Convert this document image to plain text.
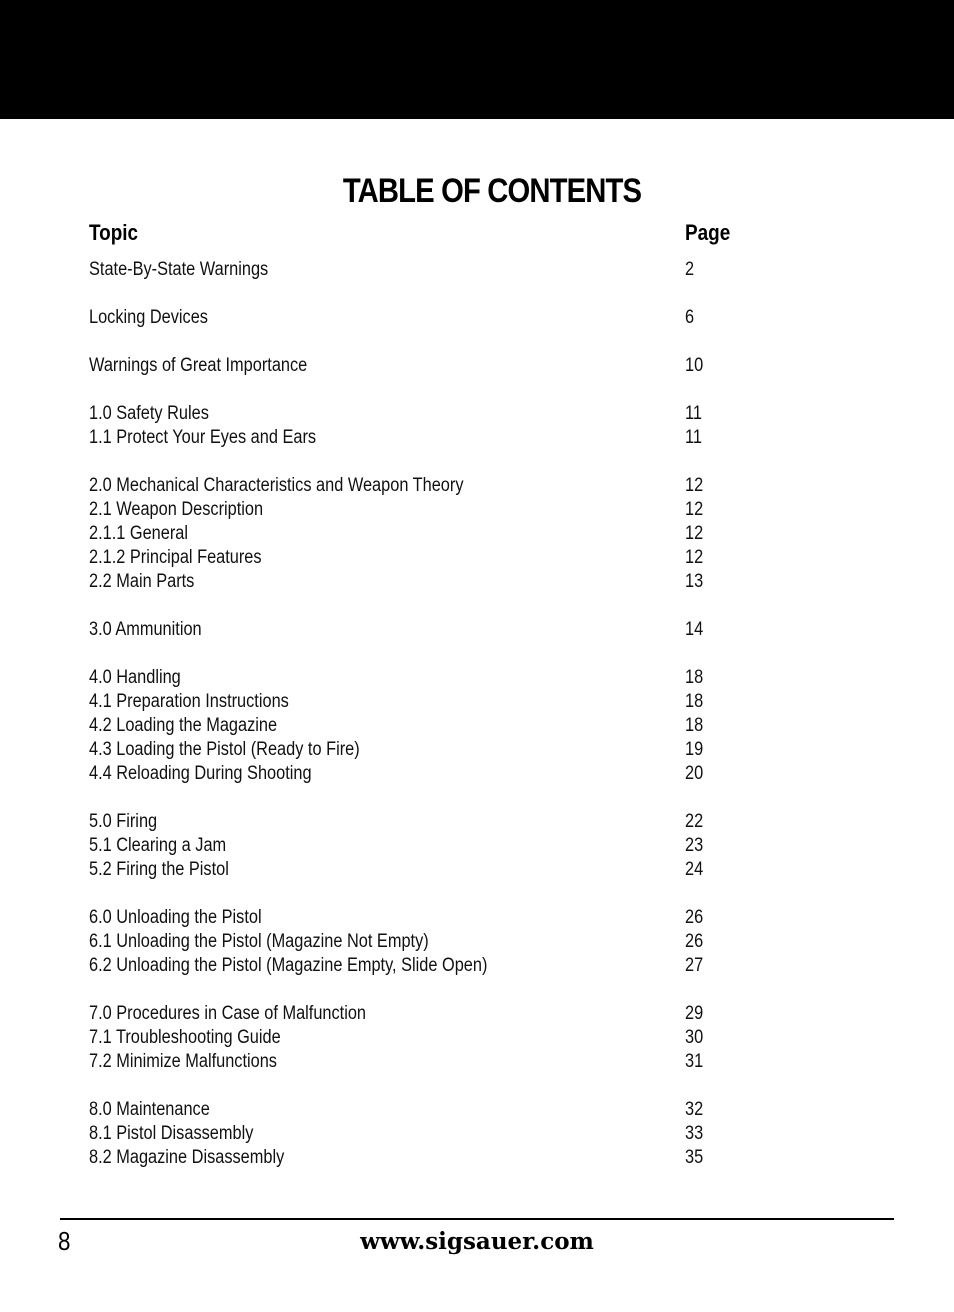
TABLE OF CONTENTS
Topic	Page
State-By-State Warnings	2
Locking Devices	6
Warnings of Great Importance	10
1.0 Safety Rules	11
1.1 Protect Your Eyes and Ears	11
2.0 Mechanical Characteristics and Weapon Theory	12
2.1 Weapon Description	12
2.1.1 General	12
2.1.2 Principal Features	12
2.2 Main Parts	13
3.0 Ammunition	14
4.0 Handling	18
4.1 Preparation Instructions	18
4.2 Loading the Magazine	18
4.3 Loading the Pistol (Ready to Fire)	19
4.4 Reloading During Shooting	20
5.0 Firing	22
5.1 Clearing a Jam	23
5.2 Firing the Pistol	24
6.0 Unloading the Pistol	26
6.1 Unloading the Pistol (Magazine Not Empty)	26
6.2 Unloading the Pistol (Magazine Empty, Slide Open)	27
7.0 Procedures in Case of Malfunction	29
7.1 Troubleshooting Guide	30
7.2 Minimize Malfunctions	31
8.0 Maintenance	32
8.1 Pistol Disassembly	33
8.2 Magazine Disassembly	35
8	www.sigsauer.com
